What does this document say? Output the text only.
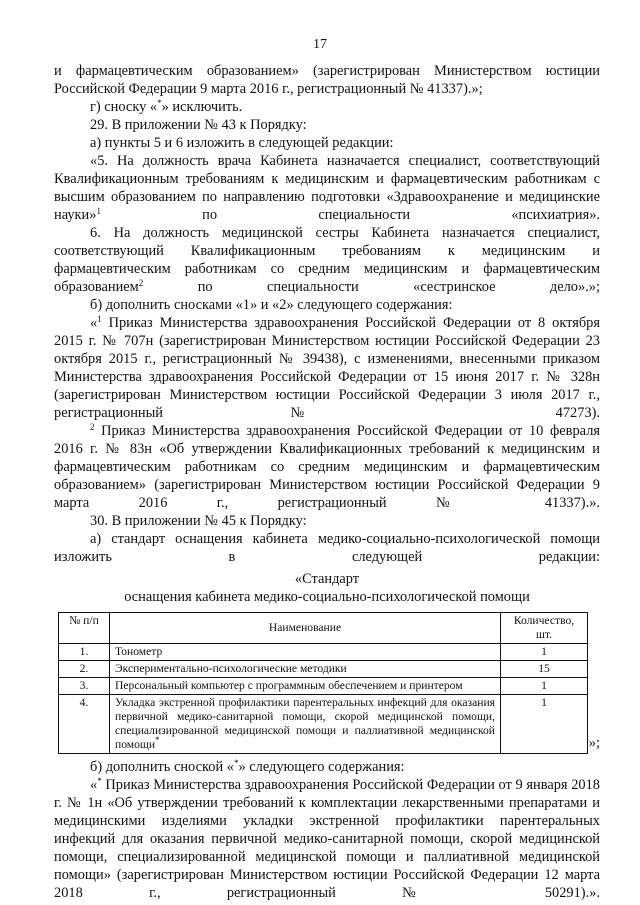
17

и фармацевтическим образованием» (зарегистрирован Министерством юстиции

Российской Федерации 9 марта 2016 г., регистрационный № 41337).»;

г) сноску «*» исключить.

29. В приложении № 43 к Порядку:

а) пункты 5 и 6 изложить в следующей редакции:

«5. На должность врача Кабинета назначается специалист, соответствующий Квалификационным требованиям к медицинским и фармацевтическим работникам с высшим образованием по направлению подготовки «Здравоохранение и медицинские науки»$^1$ по специальности «психиатрия».

6. На должность медицинской сестры Кабинета назначается специалист, соответствующий Квалификационным требованиям к медицинским и фармацевтическим работникам со средним медицинским и фармацевтическим образованием$^2$ по специальности «сестринское дело».»;

б) дополнить сносками «1» и «2» следующего содержания:

«$^1$ Приказ Министерства здравоохранения Российской Федерации от 8 октября 2015 г. № 707н (зарегистрирован Министерством юстиции Российской Федерации 23 октября 2015 г., регистрационный № 39438), с изменениями, внесенными приказом Министерства здравоохранения Российской Федерации от 15 июня 2017 г. № 328н (зарегистрирован Министерством юстиции Российской Федерации 3 июля 2017 г., регистрационный № 47273).

$^2$ Приказ Министерства здравоохранения Российской Федерации от 10 февраля 2016 г. № 83н «Об утверждении Квалификационных требований к медицинским и фармацевтическим работникам со средним медицинским и фармацевтическим образованием» (зарегистрирован Министерством юстиции Российской Федерации 9 марта 2016 г., регистрационный № 41337).».

30. В приложении № 45 к Порядку:

а) стандарт оснащения кабинета медико-социально-психологической помощи изложить в следующей редакции:

«Стандарт

оснащения кабинета медико-социально-психологической помощи

№ п/п	Наименование	Количество, шт.
1.	Тонометр	1
2.	Экспериментально-психологические методики	15
3.	Персональный компьютер с программным обеспечением и принтером	1
4.	Укладка экстренной профилактики парентеральных инфекций для оказания первичной медико-санитарной помощи, скорой медицинской помощи, специализированной медицинской помощи и паллиативной медицинской помощи*	1
»;

б) дополнить сноской «*» следующего содержания:

«* Приказ Министерства здравоохранения Российской Федерации от 9 января 2018 г. № 1н «Об утверждении требований к комплектации лекарственными препаратами и медицинскими изделиями укладки экстренной профилактики парентеральных инфекций для оказания первичной медико-санитарной помощи, скорой медицинской помощи, специализированной медицинской помощи и паллиативной медицинской помощи» (зарегистрирован Министерством юстиции Российской Федерации 12 марта 2018 г., регистрационный № 50291).».
